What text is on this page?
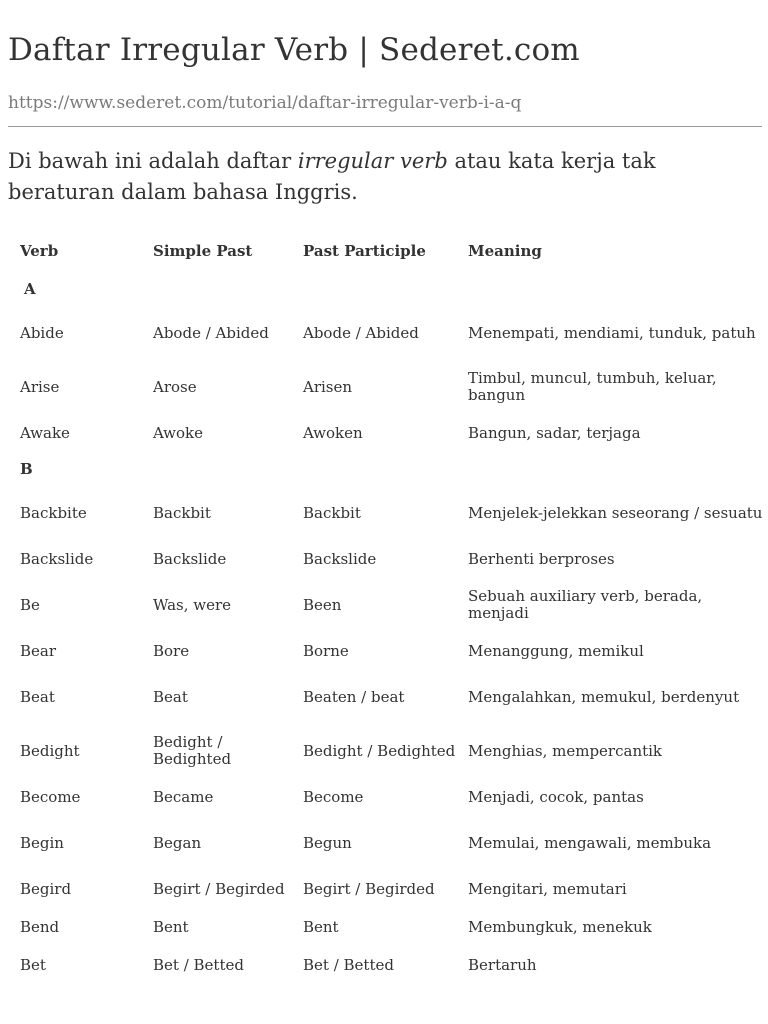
Daftar Irregular Verb | Sederet.com
https://www.sederet.com/tutorial/daftar-irregular-verb-i-a-q

Di bawah ini adalah daftar irregular verb atau kata kerja tak beraturan dalam bahasa Inggris.

Verb	Simple Past	Past Participle	Meaning
A			
Abide	Abode / Abided	Abode / Abided	Menempati, mendiami, tunduk, patuh
Arise	Arose	Arisen	Timbul, muncul, tumbuh, keluar, bangun
Awake	Awoke	Awoken	Bangun, sadar, terjaga
B			
Backbite	Backbit	Backbit	Menjelek-jelekkan seseorang / sesuatu
Backslide	Backslide	Backslide	Berhenti berproses
Be	Was, were	Been	Sebuah auxiliary verb, berada, menjadi
Bear	Bore	Borne	Menanggung, memikul
Beat	Beat	Beaten / beat	Mengalahkan, memukul, berdenyut
Bedight	Bedight / Bedighted	Bedight / Bedighted	Menghias, mempercantik
Become	Became	Become	Menjadi, cocok, pantas
Begin	Began	Begun	Memulai, mengawali, membuka
Begird	Begirt / Begirded	Begirt / Begirded	Mengitari, memutari
Bend	Bent	Bent	Membungkuk, menekuk
Bet	Bet / Betted	Bet / Betted	Bertaruh
